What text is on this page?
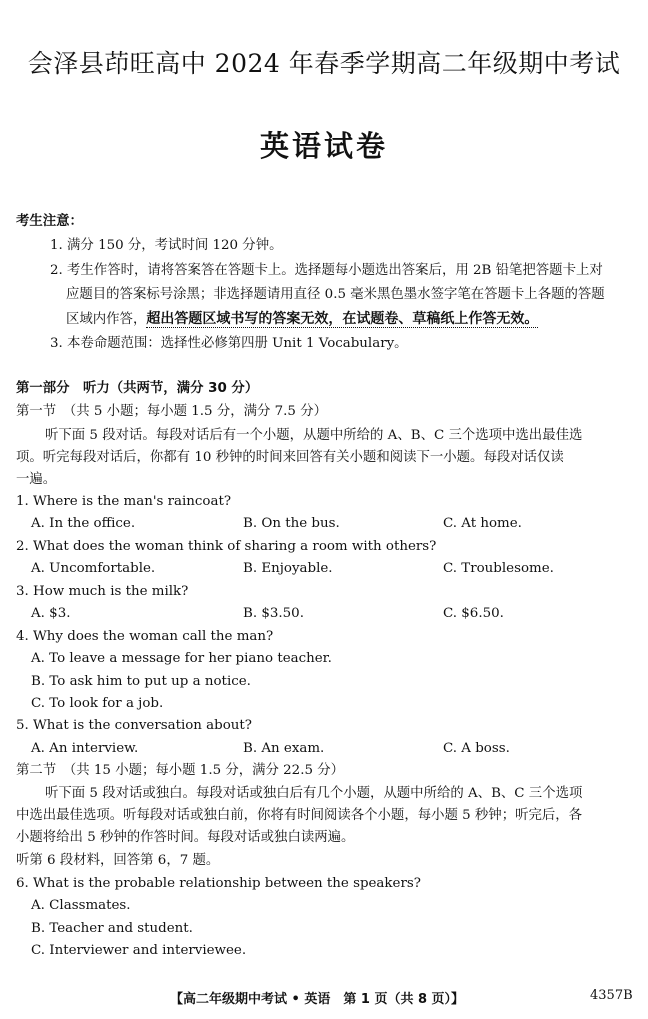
会泽县茚旺高中 2024 年春季学期高二年级期中考试
英语试卷
考生注意：
1. 满分 150 分，考试时间 120 分钟。
2. 考生作答时，请将答案答在答题卡上。选择题每小题选出答案后，用 2B 铅笔把答题卡上对
应题目的答案标号涂黑；非选择题请用直径 0.5 毫米黑色墨水签字笔在答题卡上各题的答题
区域内作答，超出答题区域书写的答案无效，在试题卷、草稿纸上作答无效。
3. 本卷命题范围：选择性必修第四册 Unit 1 Vocabulary。
第一部分　听力（共两节，满分 30 分）
第一节　（共 5 小题；每小题 1.5 分，满分 7.5 分）
听下面 5 段对话。每段对话后有一个小题，从题中所给的 A、B、C 三个选项中选出最佳选
项。听完每段对话后，你都有 10 秒钟的时间来回答有关小题和阅读下一小题。每段对话仅读
一遍。
1. Where is the man's raincoat?
A. In the office.	B. On the bus.	C. At home.
2. What does the woman think of sharing a room with others?
A. Uncomfortable.	B. Enjoyable.	C. Troublesome.
3. How much is the milk?
A. $3.	B. $3.50.	C. $6.50.
4. Why does the woman call the man?
A. To leave a message for her piano teacher.
B. To ask him to put up a notice.
C. To look for a job.
5. What is the conversation about?
A. An interview.	B. An exam.	C. A boss.
第二节　（共 15 小题；每小题 1.5 分，满分 22.5 分）
听下面 5 段对话或独白。每段对话或独白后有几个小题，从题中所给的 A、B、C 三个选项
中选出最佳选项。听每段对话或独白前，你将有时间阅读各个小题，每小题 5 秒钟；听完后，各
小题将给出 5 秒钟的作答时间。每段对话或独白读两遍。
听第 6 段材料，回答第 6，7 题。
6. What is the probable relationship between the speakers?
A. Classmates.
B. Teacher and student.
C. Interviewer and interviewee.
【高二年级期中考试 • 英语　第 1 页（共 8 页）】	4357B
